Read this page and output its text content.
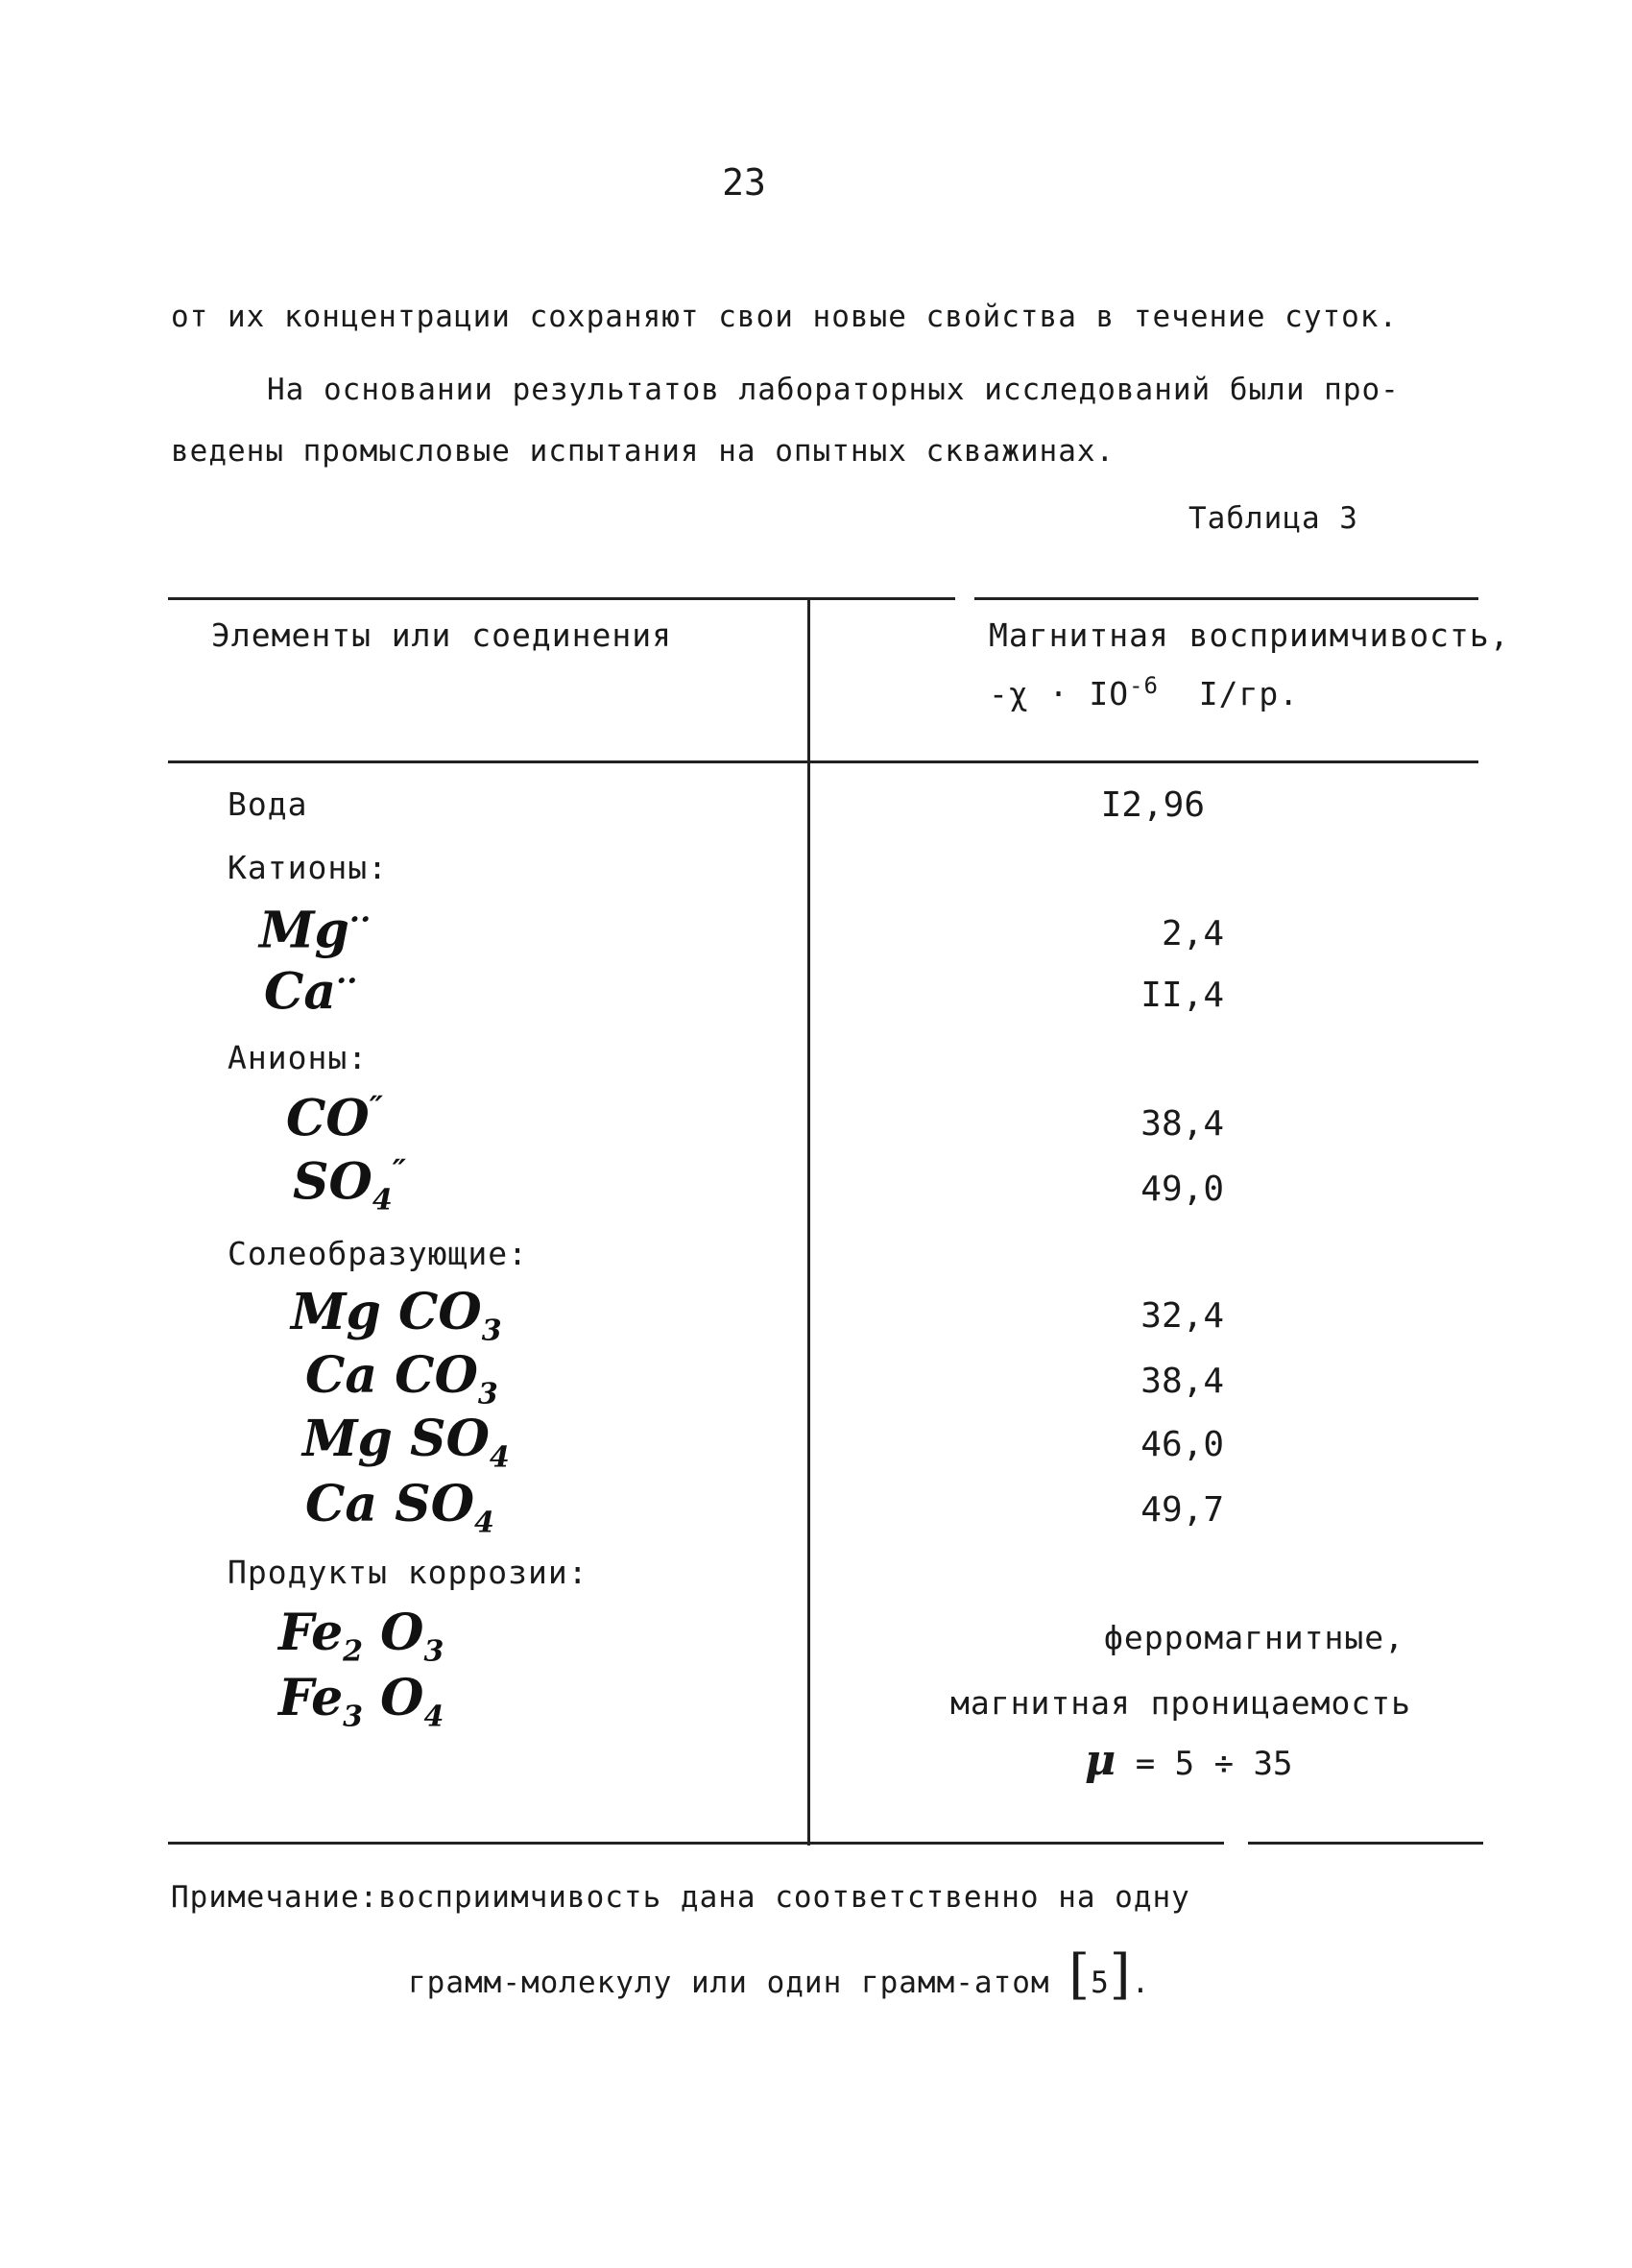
23
от их концентрации сохраняют свои новые свойства в течение суток.
На основании результатов лабораторных исследований были про-
ведены промысловые испытания на опытных скважинах.
Таблица 3
Элементы или соединения	Магнитная восприимчивость,
$-\chi \cdot IO^{-6}$ I/гр.
Вода	I2,96
Катионы:
Mg··	2,4
Ca··	II,4
Анионы:
CO″	38,4
$SO_4''$	49,0
Солеобразующие:
Mg $CO_3$	32,4
Ca $CO_3$	38,4
Mg $SO_4$	46,0
Ca $SO_4$	49,7
Продукты коррозии:
$Fe_2$ $O_3$	ферромагнитные,
$Fe_3$ $O_4$	магнитная проницаемость
μ = 5 ÷ 35
Примечание:восприимчивость дана соответственно на одну
грамм-молекулу или один грамм-атом [5].
